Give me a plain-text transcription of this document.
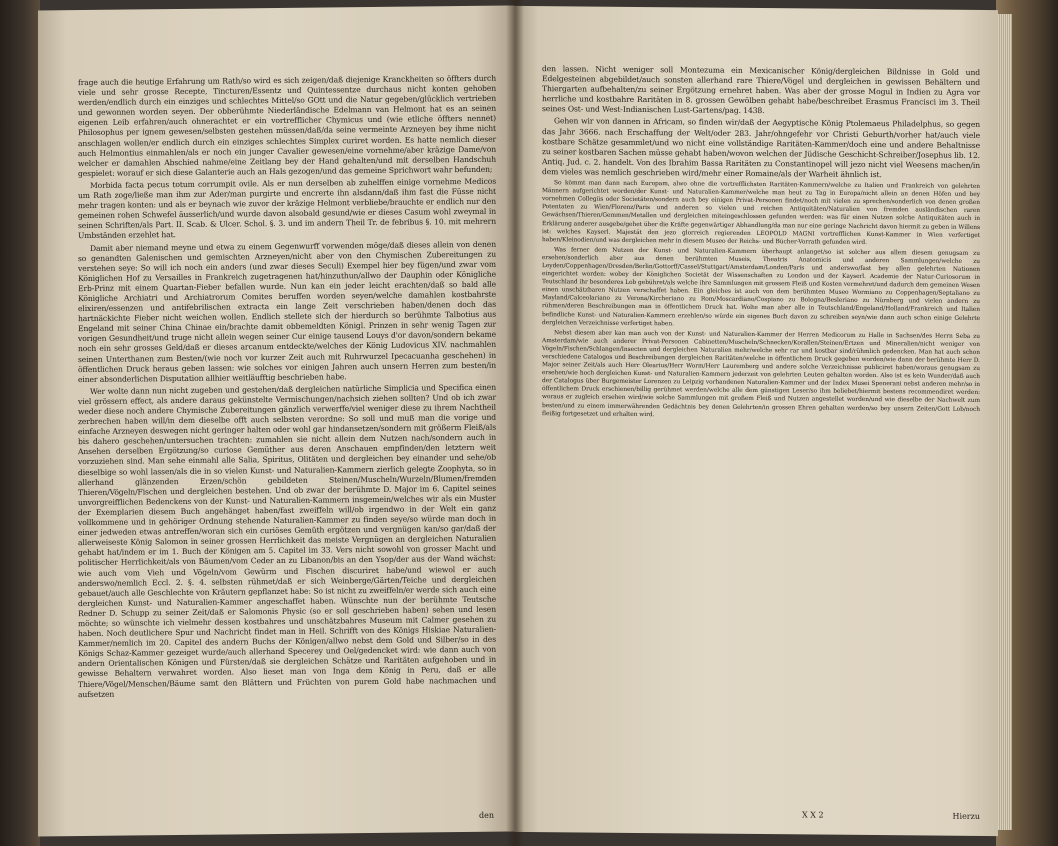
frage auch die heutige Erfahrung um Rath/so wird es sich zeigen/daß diejenige Kranckheiten so öffters durch viele und sehr grosse Recepte, Tincturen/Essentz und Quintessentze durchaus nicht konten gehoben werden/endlich durch ein einziges und schlechtes Mittel/so GOtt und die Natur gegeben/glücklich vertrieben und gewonnen worden seyen. Der obberühmte Niederländische Edelmann van Helmont hat es an seinen eigenen Leib erfahren/auch ohnerachtet er ein vortrefflicher Chymicus und (wie etliche öffters nennet) Philosophus per ignem gewesen/selbsten gestehen müssen/daß/da seine vermeinte Arzneyen bey ihme nicht anschlagen wollen/er endlich durch ein einziges schlechtes Simplex curiret worden. Es hatte nemlich dieser auch Helmontius einmahlen/als er noch ein junger Cavalier gewesen/eine vornehme/aber kräzige Dame/von welcher er damahlen Abschied nahme/eine Zeitlang bey der Hand gehalten/und mit derselben Handschuh gespielet: worauf er sich diese Galanterie auch an Hals gezogen/und das gemeine Sprichwort wahr befunden;

Morbida facta pecus totum corrumpit ovile. Als er nun derselben ab zuhelffen einige vornehme Medicos um Rath zoge/ließe man ihm zur Ader/man purgirte und encrerte ihn alsdann/daß ihm fast die Füsse nicht mehr tragen konten: und als er beynach wie zuvor der kräzige Helmont verbliebe/brauchte er endlich nur den gemeinen rohen Schwefel äusserlich/und wurde davon alsobald gesund/wie er dieses Casum wohl zweymal in seinen Schriften/als Part. II. Scab. & Ulcer. Schol. §. 3. und im andern Theil Tr. de febribus §. 10. mit mehrern Umbständen erzehlet hat.

Damit aber niemand meyne und etwa zu einem Gegenwurff vorwenden möge/daß dieses allein von denen so genandten Galenischen und gemischten Arzneyen/nicht aber von den Chymischen Zubereitungen zu verstehen seye: So will ich noch ein anders (und zwar dieses Seculi) Exempel hier bey fügen/und zwar vom Königlichen Hof zu Versailles in Frankreich zugetragenen hat/hinzuthun/allwo der Dauphin oder Königliche Erb-Prinz mit einem Quartan-Fieber befallen wurde. Nun kan ein jeder leicht erachten/daß so bald alle Königliche Archiatri und Archiatrorum Comites beruffen worden seyen/welche damahlen kostbahrste elixiren/essenzen und antifebrilischen extracta ein lange Zeit verschrieben haben/denen doch das hartnäckichte Fieber nicht weichen wollen. Endlich stellete sich der hierdurch so berühmte Talbotius aus Engeland mit seiner China Chinae ein/brachte damit obbemeldten Königl. Prinzen in sehr wenig Tagen zur vorigen Gesundheit/und truge nicht allein wegen seiner Cur einige tausend Louys d'or davon/sondern bekame noch ein sehr grosses Geld/daß er dieses arcanum entdeckte/welches der König Ludovicus XIV. nachmahlen seinen Unterthanen zum Besten/(wie noch vor kurzer Zeit auch mit Ruhrwurzel Ipecacuanha geschehen) in öffentlichen Druck heraus geben lassen: wie solches vor einigen Jahren auch unsern Herren zum besten/in einer absonderlichen Disputation allhier weitläufftig beschrieben habe.

Wer wolte dann nun nicht zugeben und gestehen/daß dergleichen natürliche Simplicia und Specifica einen viel grössern effect, als andere daraus gekünstelte Vermischungen/nachsich ziehen sollten? Und ob ich zwar weder diese noch andere Chymische Zubereitungen gänzlich verwerffe/viel weniger diese zu ihrem Nachtheil zerbrechen haben will/in dem dieselbe offt auch selbsten verordne: So soll und muß man die vorige und einfache Arzneyen deswegen nicht geringer halten oder wohl gar hindansetzen/sondern mit größerm Fleiß/als bis dahero geschehen/untersuchen trachten: zumahlen sie nicht allein dem Nutzen nach/sondern auch in Ansehen derselben Ergötzung/so curiose Gemüther aus deren Anschauen empfinden/den letztern weit vorzuziehen sind. Man sehe einmahl alle Salia, Spiritus, Olitäten und dergleichen bey einander und sehe/ob dieselbige so wohl lassen/als die in so vielen Kunst- und Naturalien-Kammern zierlich gelegte Zoophyta, so in allerhand glänzenden Erzen/schön gebildeten Steinen/Muscheln/Wurzeln/Blumen/fremden Thieren/Vögeln/Fischen und dergleichen bestehen. Und ob zwar der berühmte D. Major im 6. Capitel seines unvorgreifflichen Bedenckens von der Kunst- und Naturalien-Kammern insgemein/welches wir als ein Muster der Exemplarien diesem Buch angehänget haben/fast zweiffeln will/ob irgendwo in der Welt ein ganz vollkommene und in gehöriger Ordnung stehende Naturalien-Kammer zu finden seye/so würde man doch in einer jedweden etwas antreffen/woran sich ein curiöses Gemüth ergötzen und vergnügen kan/so gar/daß der allerweiseste König Salomon in seiner grossen Herrlichkeit das meiste Vergnügen an dergleichen Naturalien gehabt hat/indem er im 1. Buch der Königen am 5. Capitel im 33. Vers nicht sowohl von grosser Macht und politischer Herrlichkeit/als von Bäumen/vom Ceder an zu Libanon/bis an den Ysop/der aus der Wand wächst: wie auch vom Vieh und Vögeln/vom Gewürm und Fischen discuriret habe/und wiewol er auch anderswo/nemlich Eccl. 2. §. 4. selbsten rühmet/daß er sich Weinberge/Gärten/Teiche und dergleichen gebauet/auch alle Geschlechte von Kräutern gepflanzet habe: So ist nicht zu zweiffeln/er werde sich auch eine dergleichen Kunst- und Naturalien-Kammer angeschaffet haben. Wünschte nun der berühmte Teutsche Redner D. Schupp zu seiner Zeit/daß er Salomonis Physic (so er soll geschrieben haben) sehen und lesen möchte; so wünschte ich vielmehr dessen kostbahres und unschätzbahres Museum mit Calmer gesehen zu haben. Noch deutlichere Spur und Nachricht findet man in Heil. Schrifft von des Königs Hiskiae Naturalien-Kammer/nemlich im 20. Capitel des andern Buchs der Königen/allwo nebst dem Gold und Silber/so in des Königs Schaz-Kammer gezeiget wurde/auch allerhand Specerey und Oel/gedencket wird: wie dann auch von andern Orientalischen Königen und Fürsten/daß sie dergleichen Schätze und Raritäten aufgehoben und in gewisse Behaltern verwahret worden. Also lieset man von Inga dem König in Peru, daß er alle Thiere/Vögel/Menschen/Bäume samt den Blättern und Früchten von purem Gold habe nachmachen und aufsetzen

den

den lassen. Nicht weniger soll Montezuma ein Mexicanischer König/dergleichen Bildnisse in Gold und Edelgesteinen abgebildet/auch sonsten allerhand rare Thiere/Vögel und dergleichen in gewissen Behältern und Thiergarten aufbehalten/zu seiner Ergötzung ernehret haben. Was aber der grosse Mogul in Indien zu Agra vor herrliche und kostbahre Raritäten in 8. grossen Gewölben gehabt habe/beschreibet Erasmus Francisci im 3. Theil seines Ost- und West-Indianischen Lust-Gartens/pag. 1438.

Gehen wir von dannen in Africam, so finden wir/daß der Aegyptische König Ptolemaeus Philadelphus, so gegen das Jahr 3666. nach Erschaffung der Welt/oder 283. Jahr/ohngefehr vor Christi Geburth/vorher hat/auch viele kostbare Schätze gesammlet/und wo nicht eine vollständige Raritäten-Kammer/doch eine und andere Behaltnisse zu seiner kostbaren Sachen müsse gehabt haben/wovon welchen der Jüdische Geschicht-Schreiber/Josephus lib. 12. Antiq. Jud. c. 2. handelt. Von des Ibrahim Bassa Raritäten zu Constantinopel will jezo nicht viel Weesens machen/in dem vieles was nemlich geschrieben wird/mehr einer Romaine/als der Warheit ähnlich ist.

So kömmt man dann nach Europam, alwo ohne die vortrefflichsten Raritäten-Kammern/welche zu Italien und Frankreich von gelehrten Männern aufgerichtet worden/der Kunst- und Naturalien-Kammer/welche man heut zu Tag in Europa/nicht allein an denen Höfen und bey vornehmen Collegiis oder Societäten/sondern auch bey einigen Privat-Personen findet/noch mit vielen zu sprechen/sonderlich von denen großen Potentaten zu Wien/Florenz/Paris und anderen so vielen und reichen Antiquitäten/Naturalien von fremden ausländischen raren Gewächsen/Thieren/Gemmen/Metallen und dergleichen miteingeschlossen gefunden werden: was für einen Nutzen solche Antiquitäten auch in Erklärung anderer ausgebe/gehet über die Kräfte gegenwärtiger Abhandlung/da man nur eine geringe Nachricht davon hiermit zu geben in Willens ist: welches Kayserl. Majestät den jezo glorreich regierenden LEOPOLD MAGNI vortrefflichen Kunst-Kammer in Wien verfertiget haben/Kleinodien/und was dergleichen mehr in diesem Museo der Reichs- und Bücher-Vorrath gefunden wird.

Was ferner dem Nutzen der Kunst- und Naturalien-Kammern überhaupt anlanget/so ist solcher aus allem diesem genugsam zu ersehen/sonderlich aber aus denen berühmten Museis, Theatris Anatomicis und anderen Sammlungen/welche zu Leyden/Coppenhagen/Dresden/Berlin/Gottorff/Cassel/Stuttgart/Amsterdam/Londen/Paris und anderswo/fast bey allen gelehrten Nationen eingerichtet worden: wobey der Königlichen Societät der Wissenschaften zu London und der Kayserl. Academie der Natur-Curiosorum in Teutschland ihr besonderes Lob gebühret/als welche ihre Sammlungen mit grossem Fleiß und Kosten vermehret/und dadurch dem gemeinen Wesen einen unschätzbaren Nutzen verschaffet haben. Ein gleiches ist auch von dem berühmten Museo Wormiano zu Coppenhagen/Septaliano zu Mayland/Calceolariano zu Verona/Kircheriano zu Rom/Moscardiano/Cospiano zu Bologna/Besleriano zu Nürnberg und vielen andern zu rühmen/deren Beschreibungen man in öffentlichem Druck hat. Wolte man aber alle in Teutschland/Engeland/Holland/Frankreich und Italien befindliche Kunst- und Naturalien-Kammern erzehlen/so würde ein eigenes Buch davon zu schreiben seyn/wie dann auch schon einige Gelehrte dergleichen Verzeichnisse verfertiget haben.

Nebst diesem aber kan man auch von der Kunst- und Naturalien-Kammer der Herren Medicorum zu Halle in Sachsen/des Herrn Seba zu Amsterdam/wie auch anderer Privat-Personen Cabinetten/Muscheln/Schnecken/Korallen/Steinen/Ertzen und Mineralien/nicht weniger von Vögeln/Fischen/Schlangen/Insecten und dergleichen Naturalien mehr/welche sehr rar und kostbar sind/rühmlich gedencken. Man hat auch schon verschiedene Catalogos und Beschreibungen dergleichen Raritäten/welche in öffentlichem Druck gegeben worden/wie dann der berühmte Herr D. Major seiner Zeit/als auch Herr Olearius/Herr Worm/Herr Lauremberg und andere solche Verzeichnisse publiciret haben/woraus genugsam zu ersehen/wie hoch dergleichen Kunst- und Naturalien-Kammern jederzeit von gelehrten Leuten gehalten worden. Also ist es kein Wunder/daß auch der Catalogus über Burgemeister Lorenzen zu Leipzig vorhandenen Naturalien-Kammer und der Index Musei Spenerani nebst anderen mehr/so in öffentlichem Druck erschienen/billig gerühmet werden/welche alle dem günstigen Leser/so ihm beliebet/hiermit bestens recommendiret werden: woraus er zugleich ersehen wird/wie solche Sammlungen mit großem Fleiß und Nutzen angestellet worden/und wie dieselbe der Nachwelt zum besten/und zu einem immerwährenden Gedächtnis bey denen Gelehrten/in grossen Ehren gehalten werden/so bey unsern Zeiten/Gott Lob/noch fleißig fortgesetzet und erhalten wird.

X X 2	Hierzu
